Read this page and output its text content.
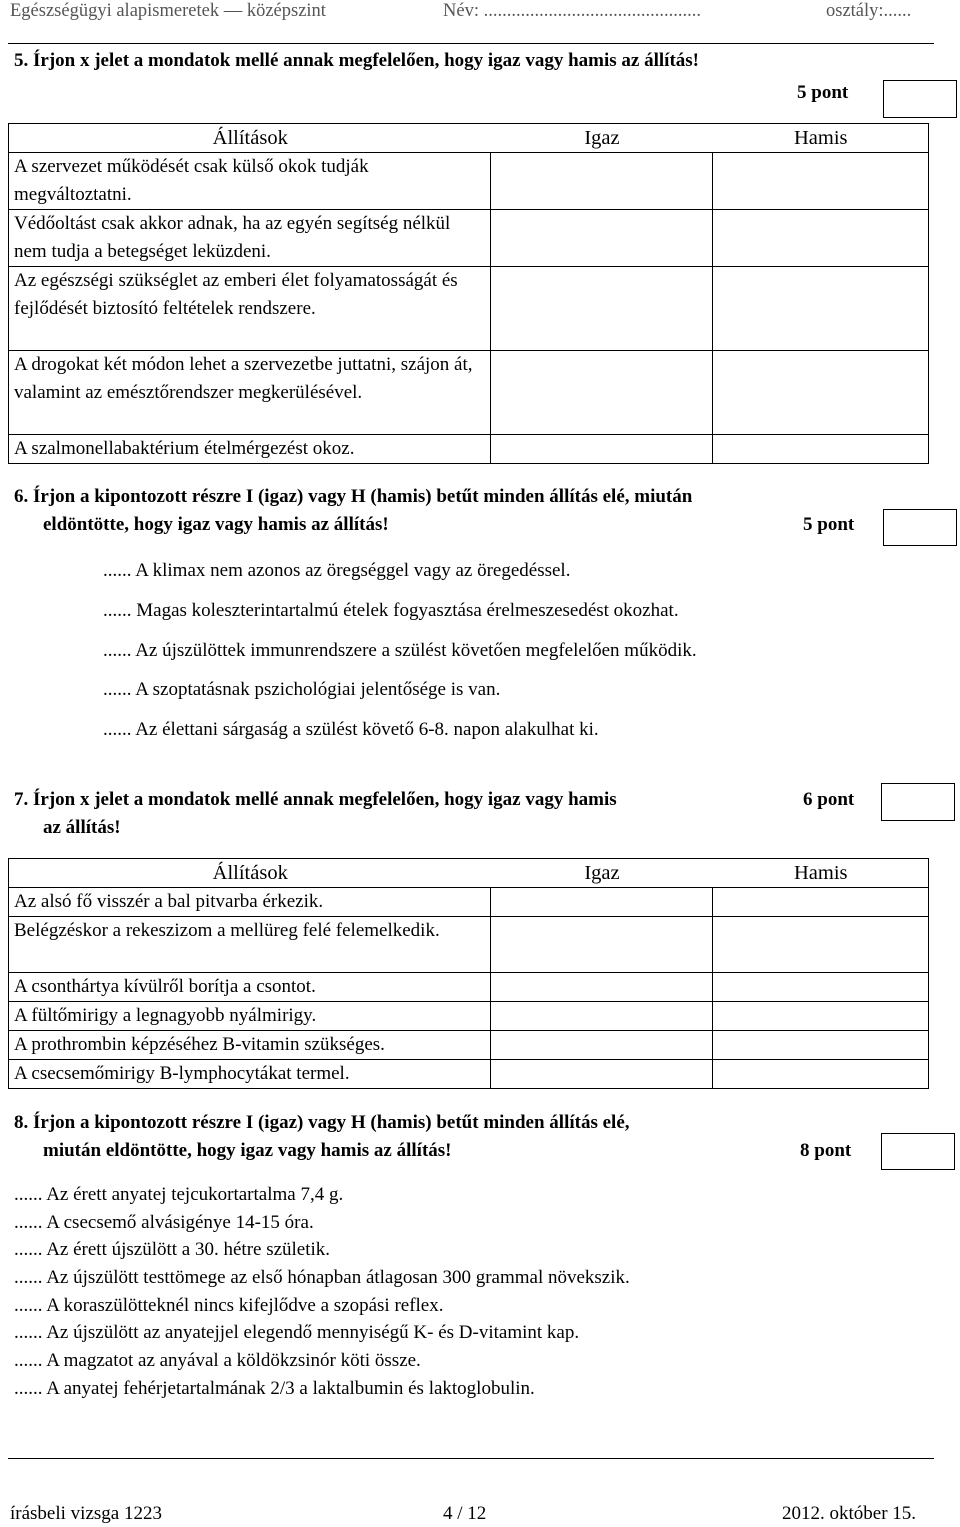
Egészségügyi alapismeretek — középszint	Név: ...............................................	osztály:......
5. Írjon x jelet a mondatok mellé annak megfelelően, hogy igaz vagy hamis az állítás!
5 pont
Állítások	Igaz	Hamis
A szervezet működését csak külső okok tudják megváltoztatni.		
Védőoltást csak akkor adnak, ha az egyén segítség nélkül nem tudja a betegséget leküzdeni.		
Az egészségi szükséglet az emberi élet folyamatosságát és fejlődését biztosító feltételek rendszere.		
A drogokat két módon lehet a szervezetbe juttatni, szájon át, valamint az emésztőrendszer megkerülésével.		
A szalmonellabaktérium ételmérgezést okoz.		
6. Írjon a kipontozott részre I (igaz) vagy H (hamis) betűt minden állítás elé, miután
eldöntötte, hogy igaz vagy hamis az állítás!	5 pont
...... A klimax nem azonos az öregséggel vagy az öregedéssel.
...... Magas koleszterintartalmú ételek fogyasztása érelmeszesedést okozhat.
...... Az újszülöttek immunrendszere a szülést követően megfelelően működik.
...... A szoptatásnak pszichológiai jelentősége is van.
...... Az élettani sárgaság a szülést követő 6-8. napon alakulhat ki.
7. Írjon x jelet a mondatok mellé annak megfelelően, hogy igaz vagy hamis
az állítás!
6 pont
Állítások	Igaz	Hamis
Az alsó fő visszér a bal pitvarba érkezik.		
Belégzéskor a rekeszizom a mellüreg felé felemelkedik.		
A csonthártya kívülről borítja a csontot.		
A fültőmirigy a legnagyobb nyálmirigy.		
A prothrombin képzéséhez B-vitamin szükséges.		
A csecsemőmirigy B-lymphocytákat termel.		
8. Írjon a kipontozott részre I (igaz) vagy H (hamis) betűt minden állítás elé,
miután eldöntötte, hogy igaz vagy hamis az állítás!	8 pont
...... Az érett anyatej tejcukortartalma 7,4 g.
...... A csecsemő alvásigénye 14-15 óra.
...... Az érett újszülött a 30. hétre születik.
...... Az újszülött testtömege az első hónapban átlagosan 300 grammal növekszik.
...... A koraszülötteknél nincs kifejlődve a szopási reflex.
...... Az újszülött az anyatejjel elegendő mennyiségű K- és D-vitamint kap.
...... A magzatot az anyával a köldökzsinór köti össze.
...... A anyatej fehérjetartalmának 2/3 a laktalbumin és laktoglobulin.
írásbeli vizsga 1223	4 / 12	2012. október 15.
